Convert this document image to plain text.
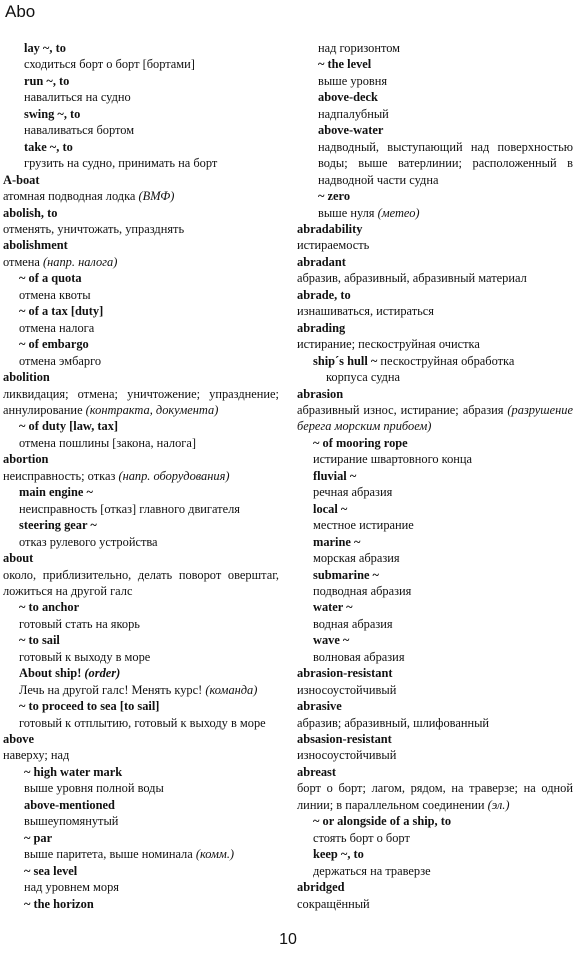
Abo
lay ~, to
сходиться борт о борт [бортами]
run ~, to
навалиться на судно
swing ~, to
наваливаться бортом
take ~, to
грузить на судно, принимать на борт
A-boat
атомная подводная лодка (ВМФ)
abolish, to
отменять, уничтожать, упразднять
abolishment
отмена (напр. налога)
~ of a quota
отмена квоты
~ of a tax [duty]
отмена налога
~ of embargo
отмена эмбарго
abolition
ликвидация; отмена; уничтожение; упразднение; аннулирование (контракта, документа)
~ of duty [law, tax]
отмена пошлины [закона, налога]
abortion
неисправность; отказ (напр. оборудования)
main engine ~
неисправность [отказ] главного двигателя
steering gear ~
отказ рулевого устройства
about
около, приблизительно, делать поворот оверштаг, ложиться на другой галс
~ to anchor
готовый стать на якорь
~ to sail
готовый к выходу в море
About ship! (order)
Лечь на другой галс! Менять курс! (команда)
~ to proceed to sea [to sail]
готовый к отплытию, готовый к выходу в море
above
наверху; над
~ high water mark
выше уровня полной воды
above-mentioned
вышеупомянутый
~ par
выше паритета, выше номинала (комм.)
~ sea level
над уровнем моря
~ the horizon
над горизонтом
~ the level
выше уровня
above-deck
надпалубный
above-water
надводный, выступающий над поверхностью воды; выше ватерлинии; расположенный в надводной части судна
~ zero
выше нуля (метео)
abradability
истираемость
abradant
абразив, абразивный, абразивный материал
abrade, to
изнашиваться, истираться
abrading
истирание; пескоструйная очистка
ship´s hull ~ пескоструйная обработка
корпуса судна
abrasion
абразивный износ, истирание; абразия (разрушение берега морским прибоем)
~ of mooring rope
истирание швартовного конца
fluvial ~
речная абразия
local ~
местное истирание
marine ~
морская абразия
submarine ~
подводная абразия
water ~
водная абразия
wave ~
волновая абразия
abrasion-resistant
износоустойчивый
abrasive
абразив; абразивный, шлифованный
absasion-resistant
износоустойчивый
abreast
борт о борт; лагом, рядом, на траверзе; на одной линии; в параллельном соединении (эл.)
~ or alongside of a ship, to
стоять борт о борт
keep ~, to
держаться на траверзе
abridged
сокращённый
10
